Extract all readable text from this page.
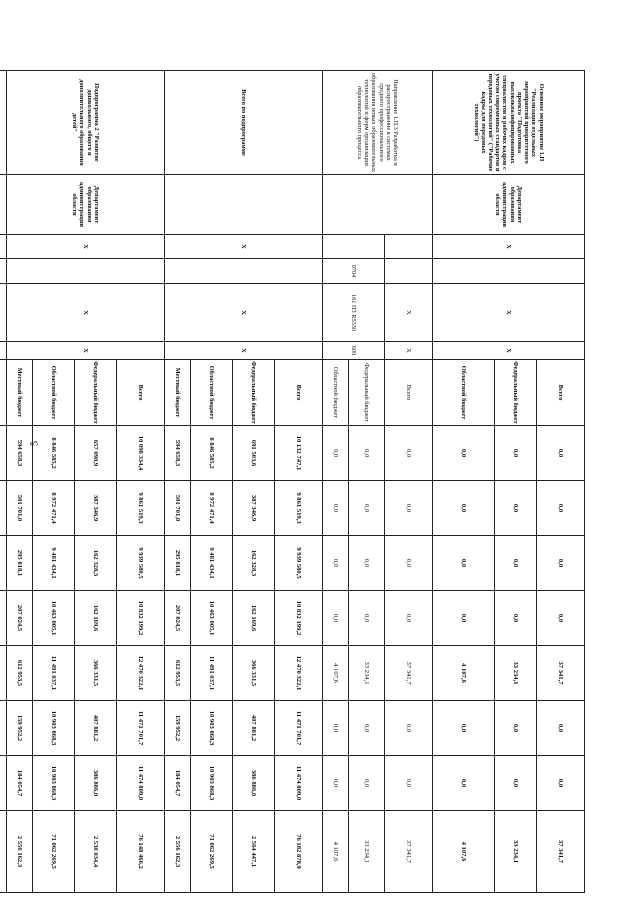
5
Основное мероприятие 1.П "Реализация отдельных мероприятий приоритетного проекта "Подготовка высококвалифицированных специалистов и рабочих кадров с учетом современных стандартов и передовых технологий" ("Рабочие кадры для передовых технологий")	Департамент образования администрации области	X		X	X	Всего	0,0	0,0	0,0	0,0	37 341,7	0,0	0,0	37 341,7
						Федеральный бюджет	0,0	0,0	0,0	0,0	33 234,1	0,0	0,0	33 234,1
						Областной бюджет	0,0	0,0	0,0	0,0	4 107,6	0,0	0,0	4 107,6
Направление 1.П.3 Разработка и распространение в системах среднего профессионального образования новых образовательных технологий и форм организации образовательного процесса				X	X	Всего	0,0	0,0	0,0	0,0	37 341,7	0,0	0,0	37 341,7
			0704	161 П3 R5330	600	Федеральный бюджет	0,0	0,0	0,0	0,0	33 234,1	0,0	0,0	33 234,1
						Областной бюджет	0,0	0,0	0,0	0,0	4 107,6	0,0	0,0	4 107,6
Всего по подпрограмме		X		X	X	Всего	10 132 747,1	9 861 519,3	9 939 580,5	10 832 199,2	12 470 322,1	11 471 701,7	11 474 809,0	76 182 878,9
						Федеральный бюджет	691 503,6	387 346,9	162 328,3	162 169,6	366 331,5	407 881,2	386 886,0	2 564 447,1
						Областной бюджет	8 846 585,2	8 972 471,4	9 481 434,1	10 463 005,1	11 491 037,1	10 903 868,3	10 903 868,3	71 062 269,5
						Местный бюджет	594 658,3	501 701,0	295 818,1	207 024,5	612 953,5	159 952,2	184 054,7	2 556 162,3
Подпрограмма 2 "Развитие дошкольного, общего и дополнительного образования детей"	Департамент образования администрации области	X		X	X	Всего	10 098 334,4	9 861 519,3	9 939 580,5	10 832 199,2	12 470 322,1	11 471 701,7	11 474 809,0	76 148 466,2
						Федеральный бюджет	657 090,9	387 346,9	162 328,3	162 169,6	366 331,5	407 881,2	386 886,0	2 530 034,4
						Областной бюджет	8 846 585,2	8 972 471,4	9 481 434,1	10 463 005,1	11 491 037,1	10 903 868,3	10 903 868,3	71 062 269,5
						Местный бюджет	594 658,3	501 701,0	295 818,1	207 024,5	612 953,5	159 952,2	184 054,7	2 556 162,3
